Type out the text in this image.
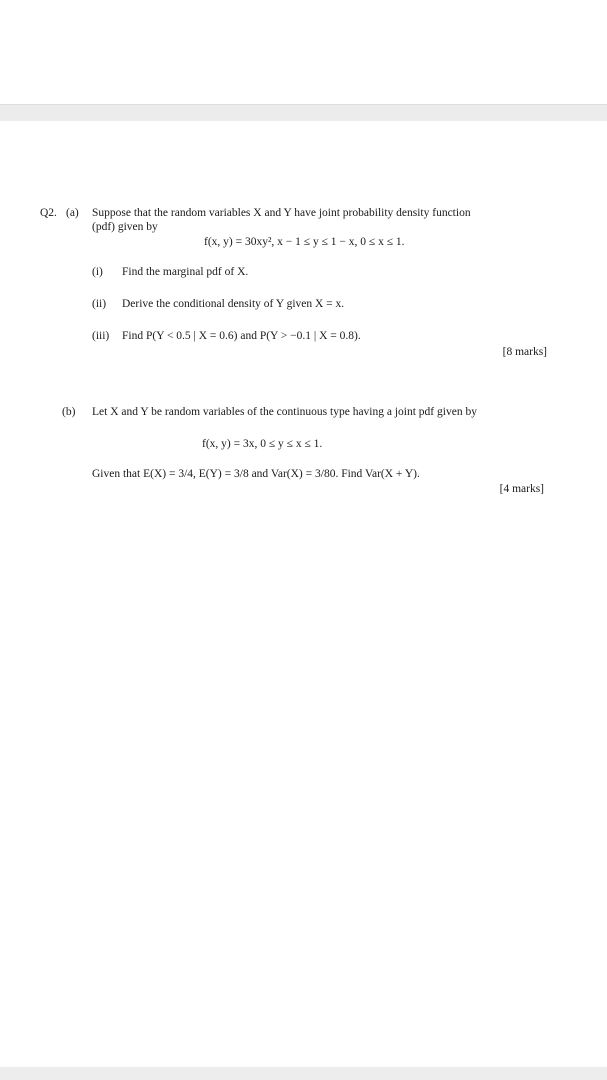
Q2. (a) Suppose that the random variables X and Y have joint probability density function
(pdf) given by
f(x, y) = 30xy², x − 1 ≤ y ≤ 1 − x, 0 ≤ x ≤ 1.
(i) Find the marginal pdf of X.
(ii) Derive the conditional density of Y given X = x.
(iii) Find P(Y < 0.5 | X = 0.6) and P(Y > −0.1 | X = 0.8).
[8 marks]
(b) Let X and Y be random variables of the continuous type having a joint pdf given by
f(x, y) = 3x, 0 ≤ y ≤ x ≤ 1.
Given that E(X) = 3/4, E(Y) = 3/8 and Var(X) = 3/80. Find Var(X + Y).
[4 marks]
